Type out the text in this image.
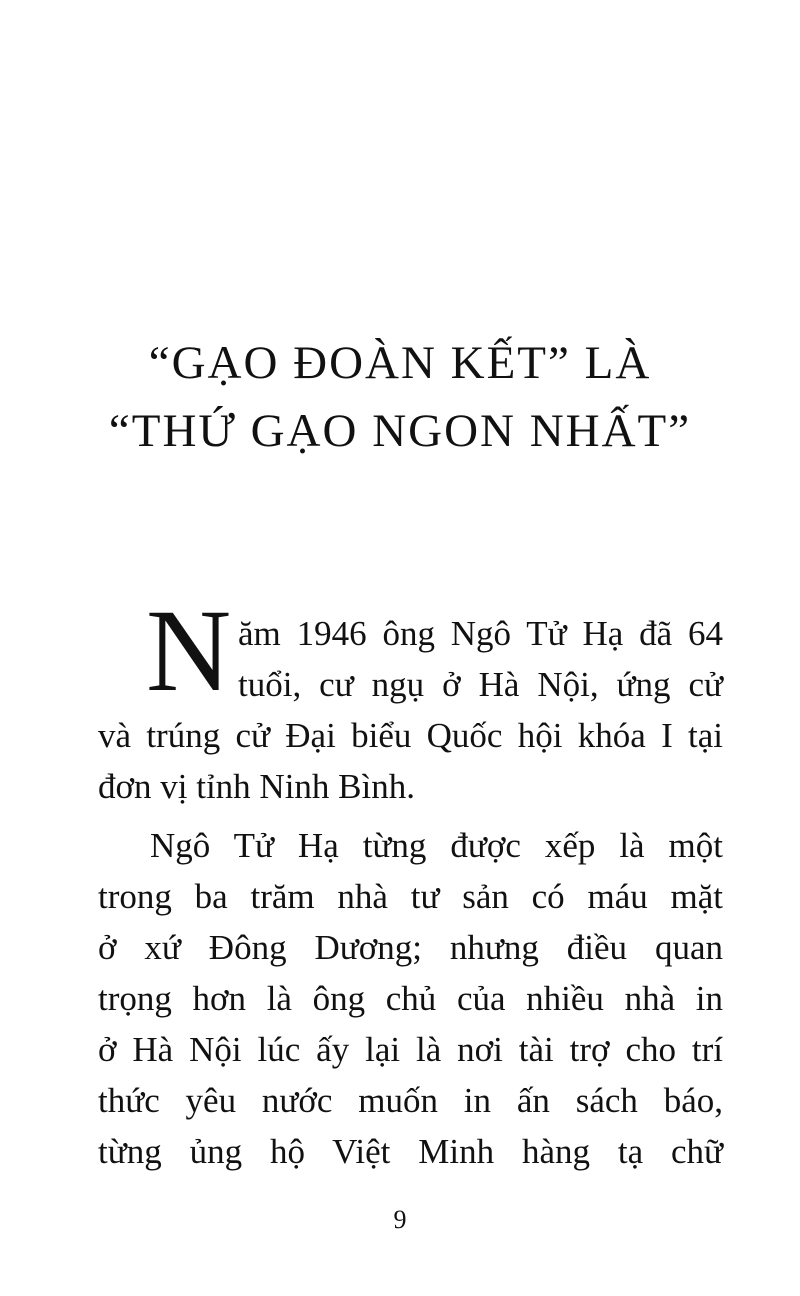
“GẠO ĐOÀN KẾT” LÀ
“THỨ GẠO NGON NHẤT”
N ăm 1946 ông Ngô Tử Hạ đã 64
tuổi, cư ngụ ở Hà Nội, ứng cử
và trúng cử Đại biểu Quốc hội khóa I tại
đơn vị tỉnh Ninh Bình.
Ngô Tử Hạ từng được xếp là một
trong ba trăm nhà tư sản có máu mặt
ở xứ Đông Dương; nhưng điều quan
trọng hơn là ông chủ của nhiều nhà in
ở Hà Nội lúc ấy lại là nơi tài trợ cho trí
thức yêu nước muốn in ấn sách báo,
từng ủng hộ Việt Minh hàng tạ chữ
9
